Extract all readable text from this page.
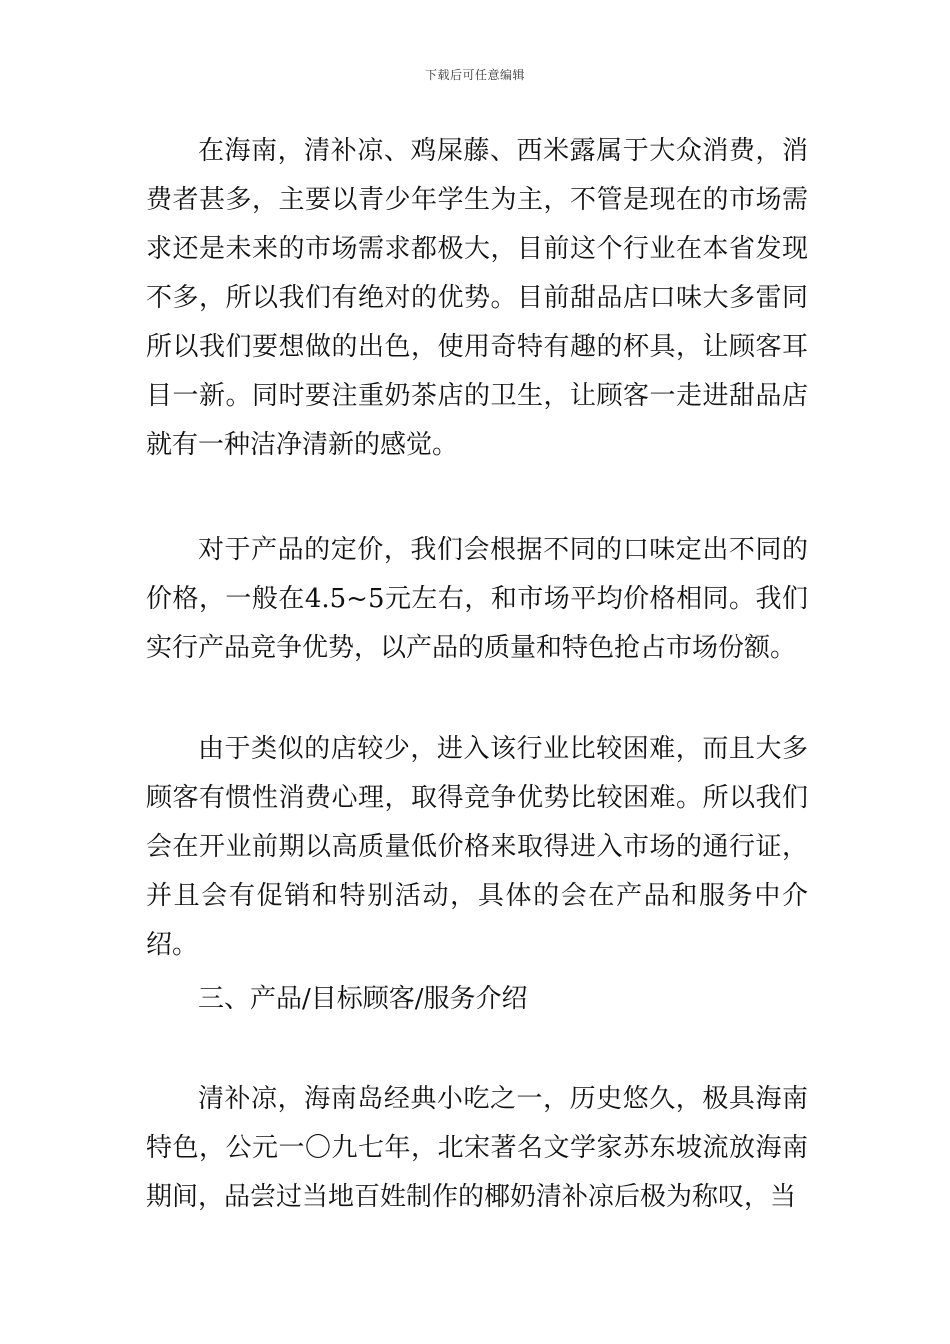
下载后可任意编辑

在海南，清补凉、鸡屎藤、西米露属于大众消费，消费者甚多，主要以青少年学生为主，不管是现在的市场需求还是未来的市场需求都极大，目前这个行业在本省发现不多，所以我们有绝对的优势。目前甜品店口味大多雷同所以我们要想做的出色，使用奇特有趣的杯具，让顾客耳目一新。同时要注重奶茶店的卫生，让顾客一走进甜品店就有一种洁净清新的感觉。

对于产品的定价，我们会根据不同的口味定出不同的价格，一般在4.5~5元左右，和市场平均价格相同。我们实行产品竞争优势，以产品的质量和特色抢占市场份额。

由于类似的店较少，进入该行业比较困难，而且大多顾客有惯性消费心理，取得竞争优势比较困难。所以我们会在开业前期以高质量低价格来取得进入市场的通行证，并且会有促销和特别活动，具体的会在产品和服务中介绍。

三、产品/目标顾客/服务介绍

清补凉，海南岛经典小吃之一，历史悠久，极具海南特色，公元一〇九七年，北宋著名文学家苏东坡流放海南期间，品尝过当地百姓制作的椰奶清补凉后极为称叹，当
